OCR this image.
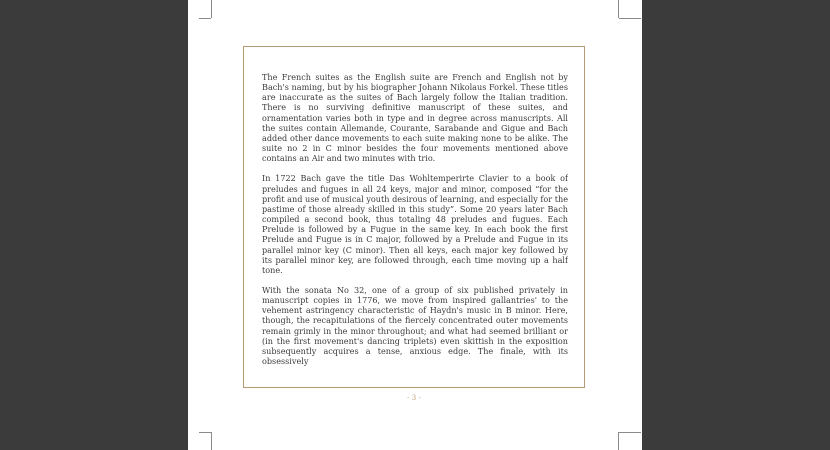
The French suites as the English suite are French and English not by Bach's naming, but by his biographer Johann Nikolaus Forkel. These titles are inaccurate as the suites of Bach largely follow the Italian tradition. There is no surviving definitive manuscript of these suites, and ornamentation varies both in type and in degree across manuscripts. All the suites contain Allemande, Courante, Sarabande and Gigue and Bach added other dance movements to each suite making none to be alike. The suite no 2 in C minor besides the four movements mentioned above contains an Air and two minutes with trio.

In 1722 Bach gave the title Das Wohltemperirte Clavier to a book of preludes and fugues in all 24 keys, major and minor, composed “for the profit and use of musical youth desirous of learning, and especially for the pastime of those already skilled in this study”. Some 20 years later Bach compiled a second book, thus totaling 48 preludes and fugues. Each Prelude is followed by a Fugue in the same key. In each book the first Prelude and Fugue is in C major, followed by a Prelude and Fugue in its parallel minor key (C minor). Then all keys, each major key followed by its parallel minor key, are followed through, each time moving up a half tone.

With the sonata No 32, one of a group of six published privately in manuscript copies in 1776, we move from inspired gallantries' to the vehement astringency characteristic of Haydn's music in B minor. Here, though, the recapitulations of the fiercely concentrated outer movements remain grimly in the minor throughout; and what had seemed brilliant or (in the first movement's dancing triplets) even skittish in the exposition subsequently acquires a tense, anxious edge. The finale, with its obsessively

- 3 -
